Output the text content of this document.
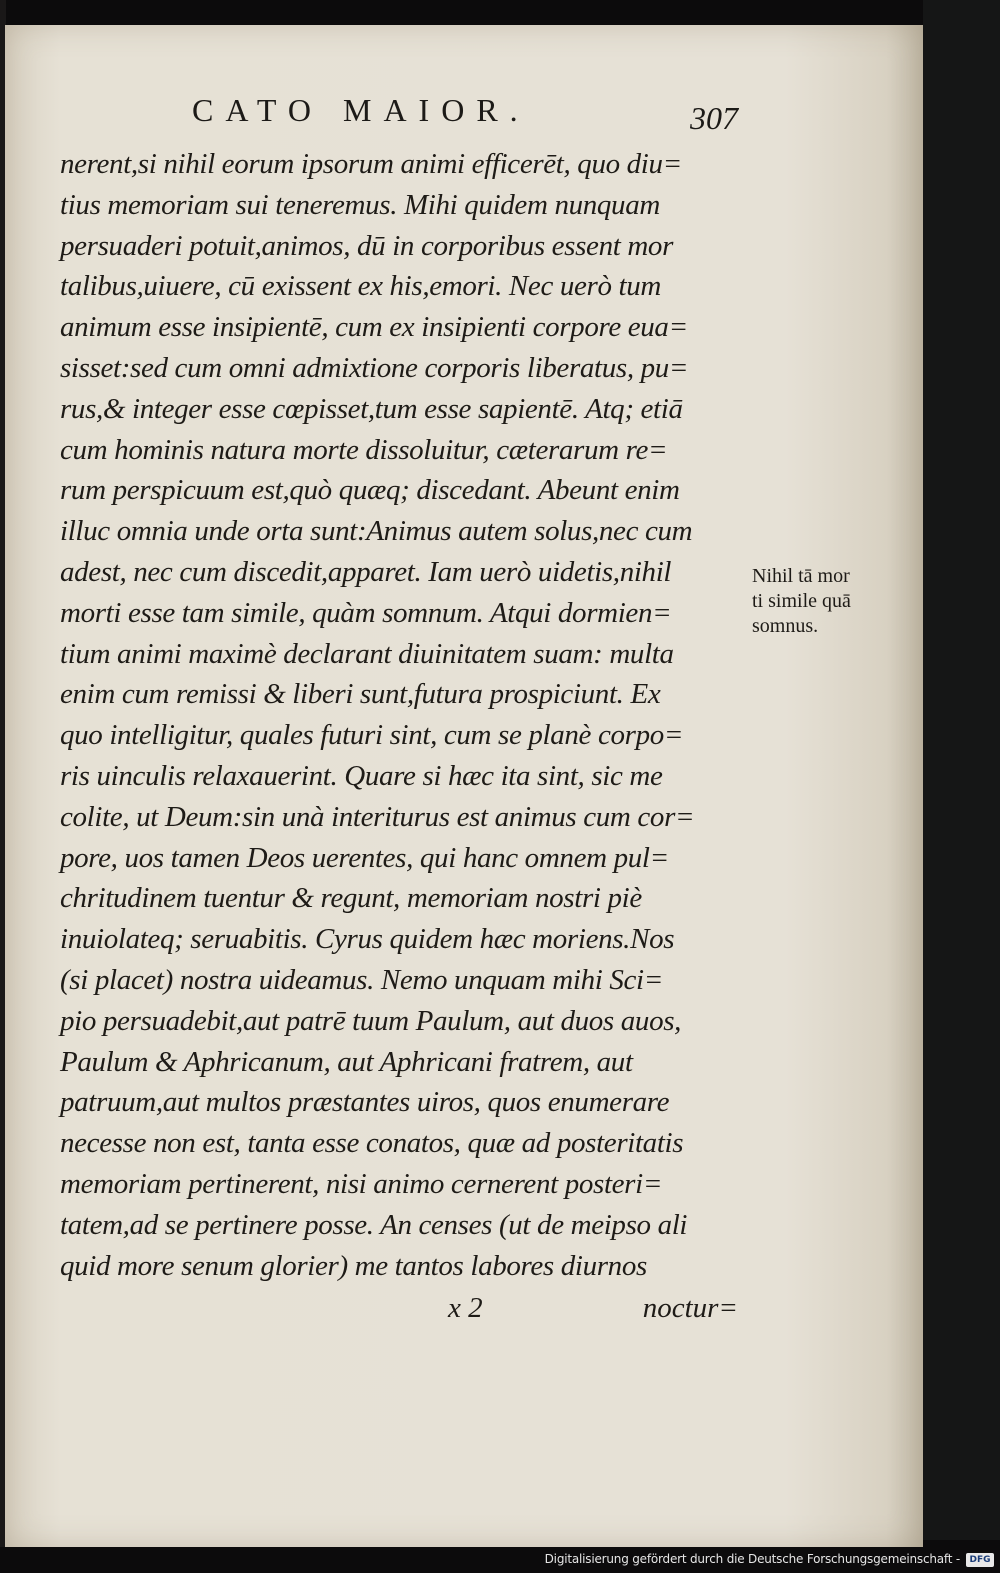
CATO MAIOR.	307
nerent,si nihil eorum ipsorum animi efficerēt, quo diu=
tius memoriam sui teneremus. Mihi quidem nunquam
persuaderi potuit,animos, dū in corporibus essent mor
talibus,uiuere, cū exissent ex his,emori. Nec uerò tum
animum esse insipientē, cum ex insipienti corpore eua=
sisset:sed cum omni admixtione corporis liberatus, pu=
rus,& integer esse cœpisset,tum esse sapientē. Atq; etiā
cum hominis natura morte dissoluitur, cæterarum re=
rum perspicuum est,quò quæq; discedant. Abeunt enim
illuc omnia unde orta sunt:Animus autem solus,nec cum
adest, nec cum discedit,apparet. Iam uerò uidetis,nihil
morti esse tam simile, quàm somnum. Atqui dormien=
tium animi maximè declarant diuinitatem suam: multa
enim cum remissi & liberi sunt,futura prospiciunt. Ex
quo intelligitur, quales futuri sint, cum se planè corpo=
ris uinculis relaxauerint. Quare si hæc ita sint, sic me
colite, ut Deum:sin unà interiturus est animus cum cor=
pore, uos tamen Deos uerentes, qui hanc omnem pul=
chritudinem tuentur & regunt, memoriam nostri piè
inuiolateq; seruabitis. Cyrus quidem hæc moriens.Nos
(si placet) nostra uideamus. Nemo unquam mihi Sci=
pio persuadebit,aut patrē tuum Paulum, aut duos auos,
Paulum & Aphricanum, aut Aphricani fratrem, aut
patruum,aut multos præstantes uiros, quos enumerare
necesse non est, tanta esse conatos, quæ ad posteritatis
memoriam pertinerent, nisi animo cernerent posteri=
tatem,ad se pertinere posse. An censes (ut de meipso ali
quid more senum glorier) me tantos labores diurnos
x 2	noctur=
Nihil tā mor
ti simile quā
somnus.
Digitalisierung gefördert durch die Deutsche Forschungsgemeinschaft -	DFG
